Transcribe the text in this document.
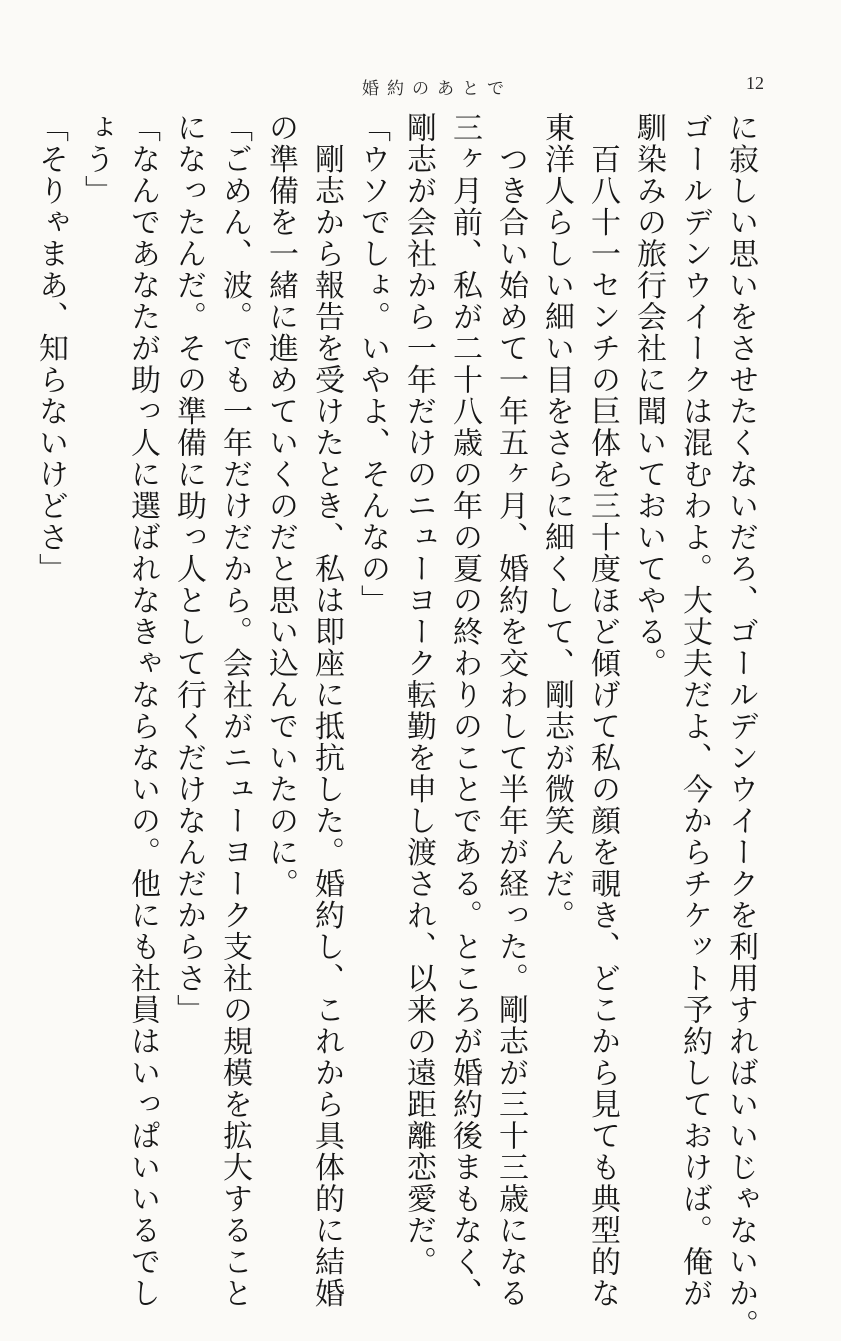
婚約のあとで	12

に寂しい思いをさせたくないだろ、ゴールデンウイークを利用すればいいじゃないか。

ゴールデンウイークは混むわよ。大丈夫だよ、今からチケット予約しておけば。俺が

馴染みの旅行会社に聞いておいてやる。

　百八十一センチの巨体を三十度ほど傾げて私の顔を覗き、どこから見ても典型的な

東洋人らしい細い目をさらに細くして、剛志が微笑んだ。

　つき合い始めて一年五ヶ月、婚約を交わして半年が経った。剛志が三十三歳になる

三ヶ月前、私が二十八歳の年の夏の終わりのことである。ところが婚約後まもなく、

剛志が会社から一年だけのニューヨーク転勤を申し渡され、以来の遠距離恋愛だ。

「ウソでしょ。いやよ、そんなの」

　剛志から報告を受けたとき、私は即座に抵抗した。婚約し、これから具体的に結婚

の準備を一緒に進めていくのだと思い込んでいたのに。

「ごめん、波。でも一年だけだから。会社がニューヨーク支社の規模を拡大すること

になったんだ。その準備に助っ人として行くだけなんだからさ」

「なんであなたが助っ人に選ばれなきゃならないの。他にも社員はいっぱいいるでし

ょう」

「そりゃまあ、知らないけどさ」
